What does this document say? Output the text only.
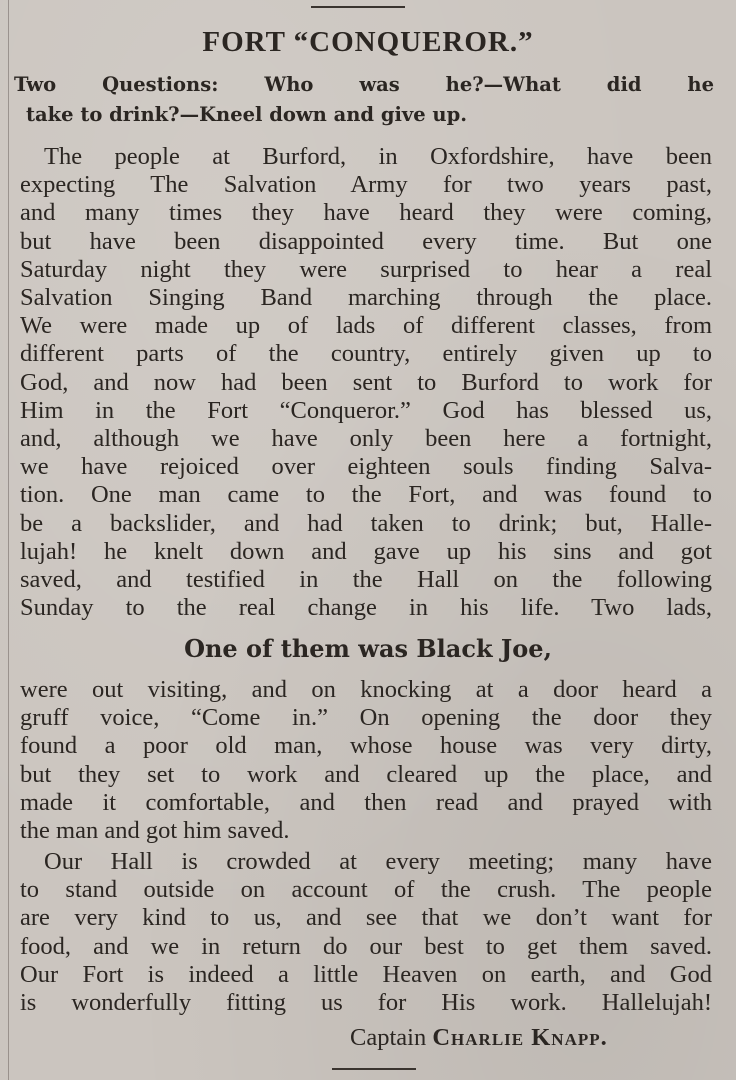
FORT “CONQUEROR.”
Two Questions: Who was he?—What did he
take to drink?—Kneel down and give up.
The people at Burford, in Oxfordshire, have been
expecting The Salvation Army for two years past,
and many times they have heard they were coming,
but have been disappointed every time. But one
Saturday night they were surprised to hear a real
Salvation Singing Band marching through the place.
We were made up of lads of different classes, from
different parts of the country, entirely given up to
God, and now had been sent to Burford to work for
Him in the Fort “Conqueror.” God has blessed us,
and, although we have only been here a fortnight,
we have rejoiced over eighteen souls finding Salva-
tion. One man came to the Fort, and was found to
be a backslider, and had taken to drink; but, Halle-
lujah! he knelt down and gave up his sins and got
saved, and testified in the Hall on the following
Sunday to the real change in his life. Two lads,
One of them was Black Joe,
were out visiting, and on knocking at a door heard a
gruff voice, “Come in.” On opening the door they
found a poor old man, whose house was very dirty,
but they set to work and cleared up the place, and
made it comfortable, and then read and prayed with
the man and got him saved.
Our Hall is crowded at every meeting; many have
to stand outside on account of the crush. The people
are very kind to us, and see that we don’t want for
food, and we in return do our best to get them saved.
Our Fort is indeed a little Heaven on earth, and God
is wonderfully fitting us for His work. Hallelujah!
Captain Charlie Knapp.
